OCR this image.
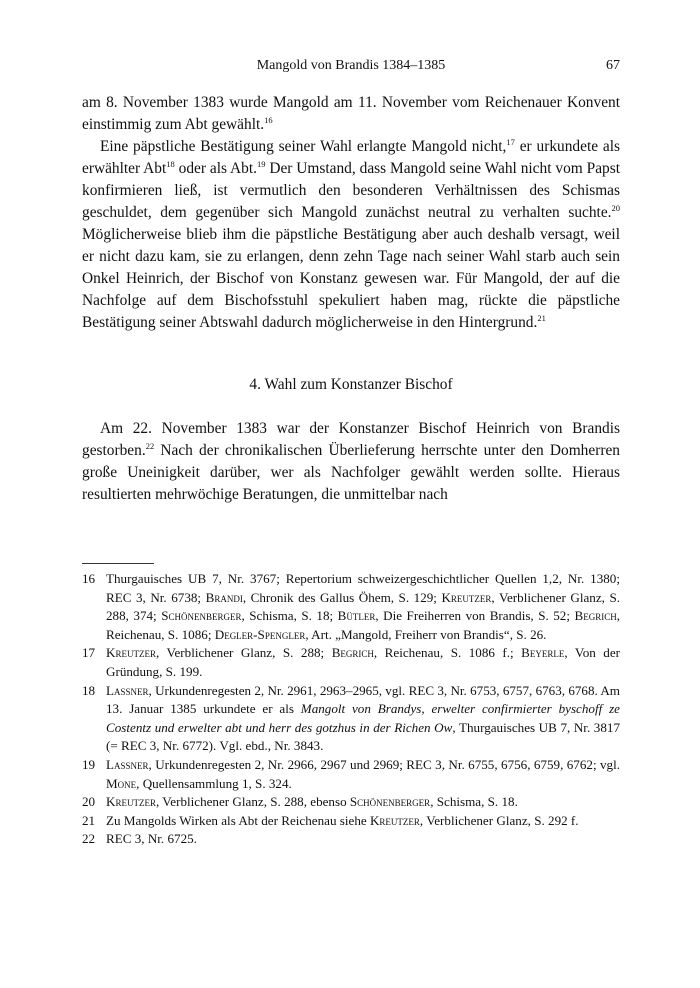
Mangold von Brandis 1384–1385	67

am 8. November 1383 wurde Mangold am 11. November vom Reichenauer Konvent einstimmig zum Abt gewählt.$^{16}$

Eine päpstliche Bestätigung seiner Wahl erlangte Mangold nicht,$^{17}$ er urkundete als erwählter Abt$^{18}$ oder als Abt.$^{19}$ Der Umstand, dass Mangold seine Wahl nicht vom Papst konfirmieren ließ, ist vermutlich den besonderen Verhältnissen des Schismas geschuldet, dem gegenüber sich Mangold zunächst neutral zu verhalten suchte.$^{20}$ Möglicherweise blieb ihm die päpstliche Bestätigung aber auch deshalb versagt, weil er nicht dazu kam, sie zu erlangen, denn zehn Tage nach seiner Wahl starb auch sein Onkel Heinrich, der Bischof von Konstanz gewesen war. Für Mangold, der auf die Nachfolge auf dem Bischofsstuhl spekuliert haben mag, rückte die päpstliche Bestätigung seiner Abtswahl dadurch möglicherweise in den Hintergrund.$^{21}$

4. Wahl zum Konstanzer Bischof

Am 22. November 1383 war der Konstanzer Bischof Heinrich von Brandis gestorben.$^{22}$ Nach der chronikalischen Überlieferung herrschte unter den Domherren große Uneinigkeit darüber, wer als Nachfolger gewählt werden sollte. Hieraus resultierten mehrwöchige Beratungen, die unmittelbar nach

16 Thurgauisches UB 7, Nr. 3767; Repertorium schweizergeschichtlicher Quellen 1,2, Nr. 1380; REC 3, Nr. 6738; Brandi, Chronik des Gallus Öhem, S. 129; Kreutzer, Verblichener Glanz, S. 288, 374; Schönenberger, Schisma, S. 18; Bütler, Die Freiherren von Brandis, S. 52; Begrich, Reichenau, S. 1086; Degler-Spengler, Art. „Mangold, Freiherr von Brandis“, S. 26.
17 Kreutzer, Verblichener Glanz, S. 288; Begrich, Reichenau, S. 1086 f.; Beyerle, Von der Gründung, S. 199.
18 Lassner, Urkundenregesten 2, Nr. 2961, 2963–2965, vgl. REC 3, Nr. 6753, 6757, 6763, 6768. Am 13. Januar 1385 urkundete er als Mangolt von Brandys, erwelter confirmierter byschoff ze Costentz und erwelter abt und herr des gotzhus in der Richen Ow, Thurgauisches UB 7, Nr. 3817 (= REC 3, Nr. 6772). Vgl. ebd., Nr. 3843.
19 Lassner, Urkundenregesten 2, Nr. 2966, 2967 und 2969; REC 3, Nr. 6755, 6756, 6759, 6762; vgl. Mone, Quellensammlung 1, S. 324.
20 Kreutzer, Verblichener Glanz, S. 288, ebenso Schönenberger, Schisma, S. 18.
21 Zu Mangolds Wirken als Abt der Reichenau siehe Kreutzer, Verblichener Glanz, S. 292 f.
22 REC 3, Nr. 6725.
